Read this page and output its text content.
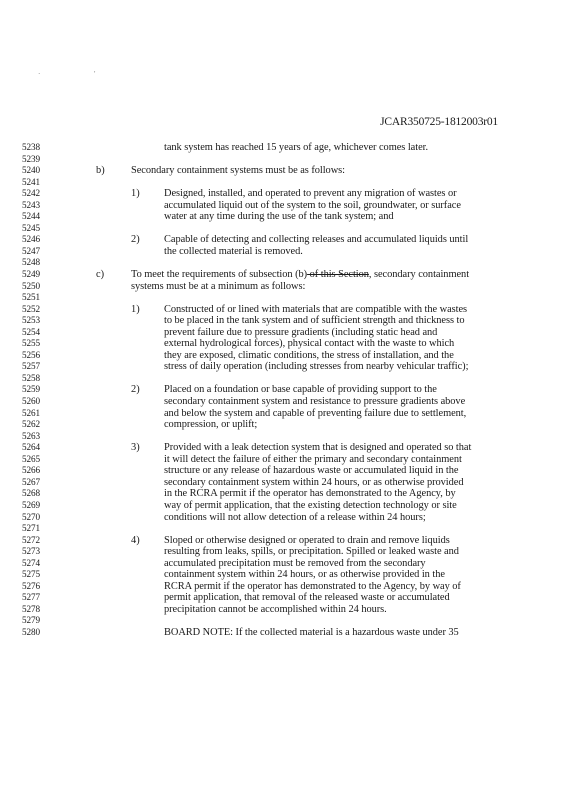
· '
JCAR350725-1812003r01
5238	tank system has reached 15 years of age, whichever comes later.
5239
5240	b)	Secondary containment systems must be as follows:
5241
5242	1) Designed, installed, and operated to prevent any migration of wastes or
5243	accumulated liquid out of the system to the soil, groundwater, or surface
5244	water at any time during the use of the tank system; and
5245
5246	2) Capable of detecting and collecting releases and accumulated liquids until
5247	the collected material is removed.
5248
5249	c)	To meet the requirements of subsection (b) of this Section, secondary containment
5250	systems must be at a minimum as follows:
5251
5252	1) Constructed of or lined with materials that are compatible with the wastes
5253	to be placed in the tank system and of sufficient strength and thickness to
5254	prevent failure due to pressure gradients (including static head and
5255	external hydrological forces), physical contact with the waste to which
5256	they are exposed, climatic conditions, the stress of installation, and the
5257	stress of daily operation (including stresses from nearby vehicular traffic);
5258
5259	2) Placed on a foundation or base capable of providing support to the
5260	secondary containment system and resistance to pressure gradients above
5261	and below the system and capable of preventing failure due to settlement,
5262	compression, or uplift;
5263
5264	3) Provided with a leak detection system that is designed and operated so that
5265	it will detect the failure of either the primary and secondary containment
5266	structure or any release of hazardous waste or accumulated liquid in the
5267	secondary containment system within 24 hours, or as otherwise provided
5268	in the RCRA permit if the operator has demonstrated to the Agency, by
5269	way of permit application, that the existing detection technology or site
5270	conditions will not allow detection of a release within 24 hours;
5271
5272	4) Sloped or otherwise designed or operated to drain and remove liquids
5273	resulting from leaks, spills, or precipitation. Spilled or leaked waste and
5274	accumulated precipitation must be removed from the secondary
5275	containment system within 24 hours, or as otherwise provided in the
5276	RCRA permit if the operator has demonstrated to the Agency, by way of
5277	permit application, that removal of the released waste or accumulated
5278	precipitation cannot be accomplished within 24 hours.
5279
5280	BOARD NOTE: If the collected material is a hazardous waste under 35
